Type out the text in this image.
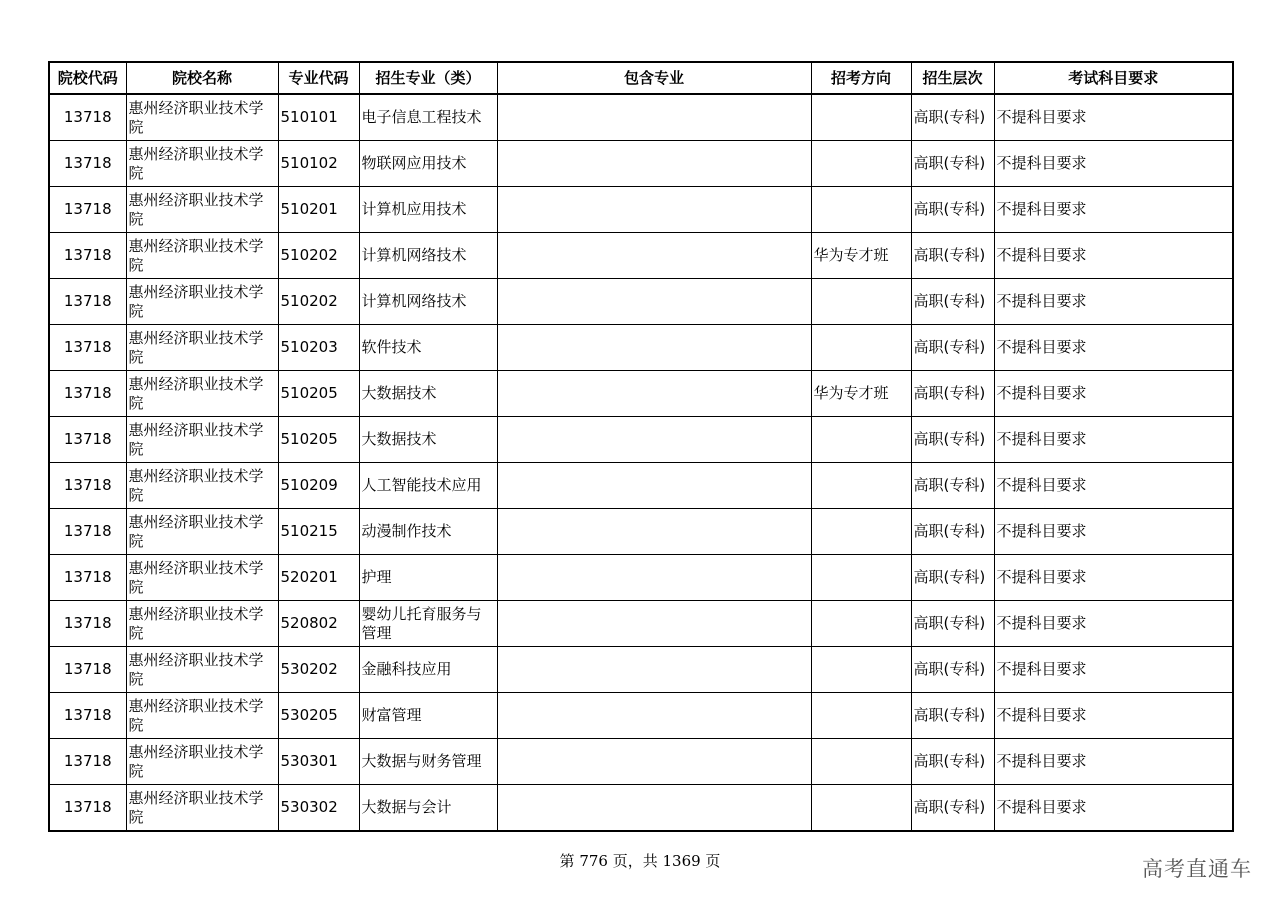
院校代码	院校名称	专业代码	招生专业（类）	包含专业	招考方向	招生层次	考试科目要求
13718	惠州经济职业技术学院	510101	电子信息工程技术			高职(专科)	不提科目要求
13718	惠州经济职业技术学院	510102	物联网应用技术			高职(专科)	不提科目要求
13718	惠州经济职业技术学院	510201	计算机应用技术			高职(专科)	不提科目要求
13718	惠州经济职业技术学院	510202	计算机网络技术		华为专才班	高职(专科)	不提科目要求
13718	惠州经济职业技术学院	510202	计算机网络技术			高职(专科)	不提科目要求
13718	惠州经济职业技术学院	510203	软件技术			高职(专科)	不提科目要求
13718	惠州经济职业技术学院	510205	大数据技术		华为专才班	高职(专科)	不提科目要求
13718	惠州经济职业技术学院	510205	大数据技术			高职(专科)	不提科目要求
13718	惠州经济职业技术学院	510209	人工智能技术应用			高职(专科)	不提科目要求
13718	惠州经济职业技术学院	510215	动漫制作技术			高职(专科)	不提科目要求
13718	惠州经济职业技术学院	520201	护理			高职(专科)	不提科目要求
13718	惠州经济职业技术学院	520802	婴幼儿托育服务与管理			高职(专科)	不提科目要求
13718	惠州经济职业技术学院	530202	金融科技应用			高职(专科)	不提科目要求
13718	惠州经济职业技术学院	530205	财富管理			高职(专科)	不提科目要求
13718	惠州经济职业技术学院	530301	大数据与财务管理			高职(专科)	不提科目要求
13718	惠州经济职业技术学院	530302	大数据与会计			高职(专科)	不提科目要求
第 776 页，共 1369 页	高考直通车
